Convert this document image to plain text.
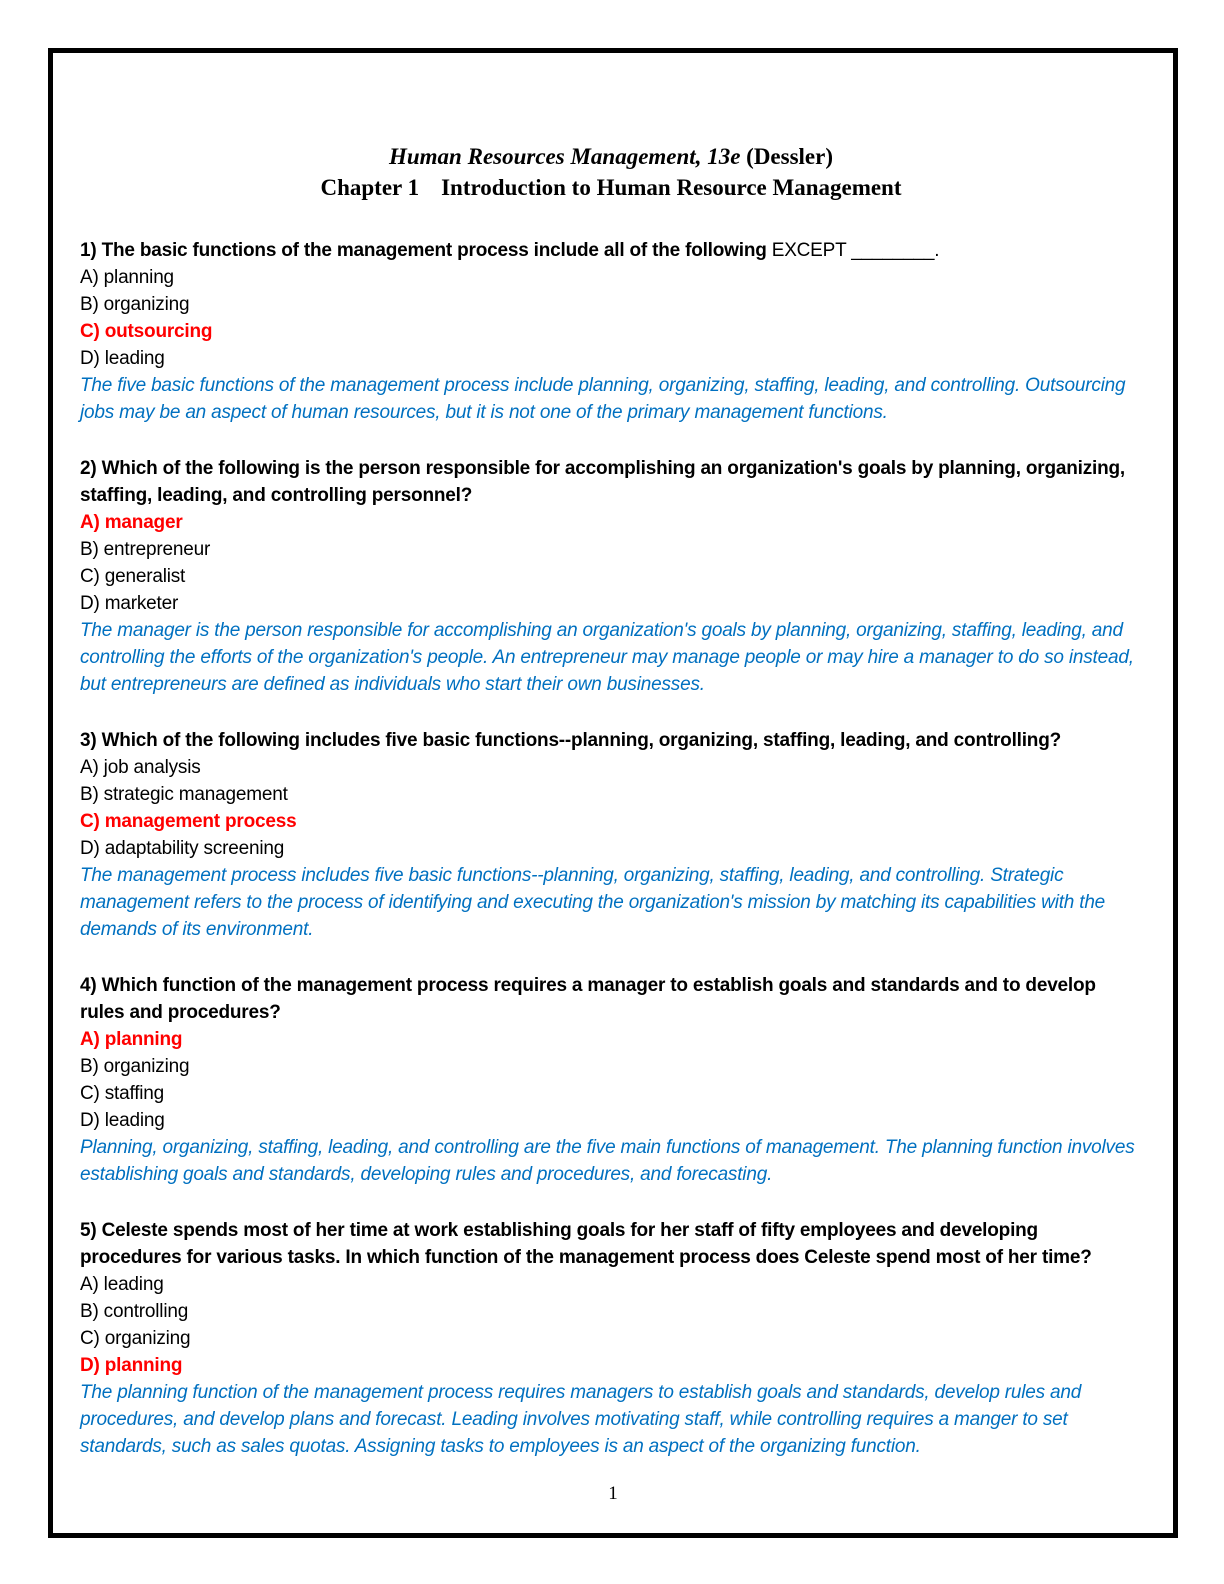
Human Resources Management, 13e (Dessler)
Chapter 1 Introduction to Human Resource Management
1) The basic functions of the management process include all of the following EXCEPT ________.
A) planning
B) organizing
C) outsourcing
D) leading
The five basic functions of the management process include planning, organizing, staffing, leading, and controlling. Outsourcing jobs may be an aspect of human resources, but it is not one of the primary management functions.
2) Which of the following is the person responsible for accomplishing an organization's goals by planning, organizing, staffing, leading, and controlling personnel?
A) manager
B) entrepreneur
C) generalist
D) marketer
The manager is the person responsible for accomplishing an organization's goals by planning, organizing, staffing, leading, and controlling the efforts of the organization's people. An entrepreneur may manage people or may hire a manager to do so instead, but entrepreneurs are defined as individuals who start their own businesses.
3) Which of the following includes five basic functions--planning, organizing, staffing, leading, and controlling?
A) job analysis
B) strategic management
C) management process
D) adaptability screening
The management process includes five basic functions--planning, organizing, staffing, leading, and controlling. Strategic management refers to the process of identifying and executing the organization's mission by matching its capabilities with the demands of its environment.
4) Which function of the management process requires a manager to establish goals and standards and to develop rules and procedures?
A) planning
B) organizing
C) staffing
D) leading
Planning, organizing, staffing, leading, and controlling are the five main functions of management. The planning function involves establishing goals and standards, developing rules and procedures, and forecasting.
5) Celeste spends most of her time at work establishing goals for her staff of fifty employees and developing procedures for various tasks. In which function of the management process does Celeste spend most of her time?
A) leading
B) controlling
C) organizing
D) planning
The planning function of the management process requires managers to establish goals and standards, develop rules and procedures, and develop plans and forecast. Leading involves motivating staff, while controlling requires a manger to set standards, such as sales quotas. Assigning tasks to employees is an aspect of the organizing function.
1
